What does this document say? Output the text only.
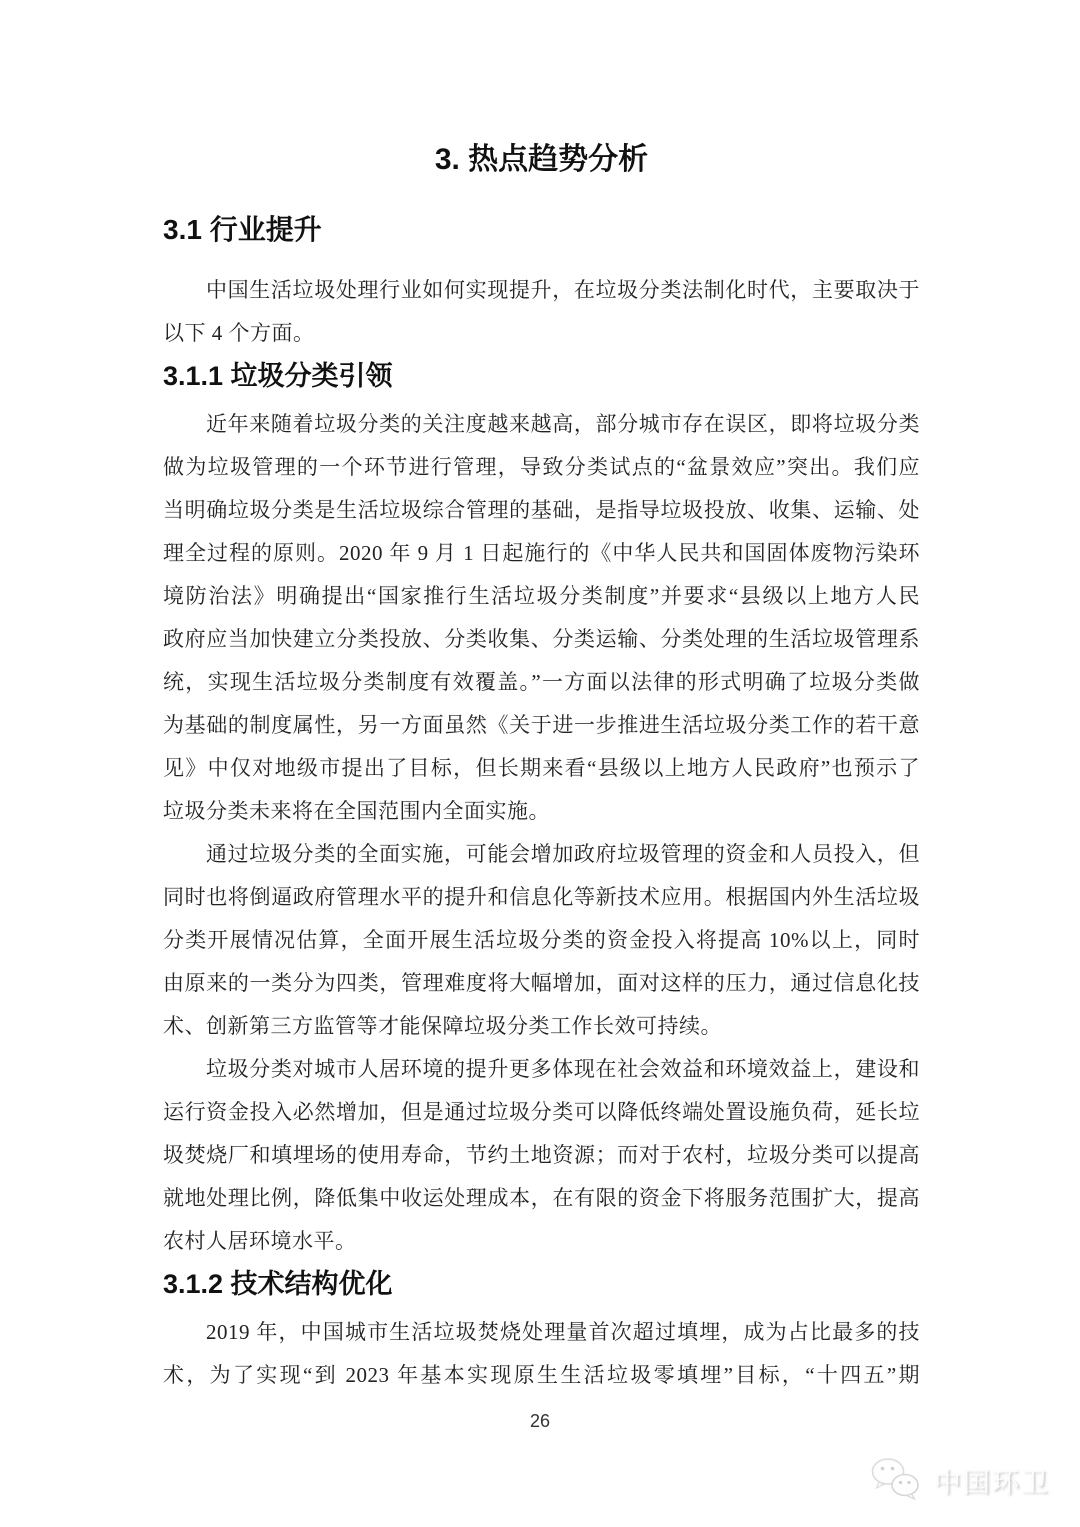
3. 热点趋势分析
3.1 行业提升
中国生活垃圾处理行业如何实现提升，在垃圾分类法制化时代，主要取决于
以下 4 个方面。
3.1.1 垃圾分类引领
近年来随着垃圾分类的关注度越来越高，部分城市存在误区，即将垃圾分类
做为垃圾管理的一个环节进行管理，导致分类试点的“盆景效应”突出。我们应
当明确垃圾分类是生活垃圾综合管理的基础，是指导垃圾投放、收集、运输、处
理全过程的原则。2020 年 9 月 1 日起施行的《中华人民共和国固体废物污染环
境防治法》明确提出“国家推行生活垃圾分类制度”并要求“县级以上地方人民
政府应当加快建立分类投放、分类收集、分类运输、分类处理的生活垃圾管理系
统，实现生活垃圾分类制度有效覆盖。”一方面以法律的形式明确了垃圾分类做
为基础的制度属性，另一方面虽然《关于进一步推进生活垃圾分类工作的若干意
见》中仅对地级市提出了目标，但长期来看“县级以上地方人民政府”也预示了
垃圾分类未来将在全国范围内全面实施。
通过垃圾分类的全面实施，可能会增加政府垃圾管理的资金和人员投入，但
同时也将倒逼政府管理水平的提升和信息化等新技术应用。根据国内外生活垃圾
分类开展情况估算，全面开展生活垃圾分类的资金投入将提高 10%以上，同时
由原来的一类分为四类，管理难度将大幅增加，面对这样的压力，通过信息化技
术、创新第三方监管等才能保障垃圾分类工作长效可持续。
垃圾分类对城市人居环境的提升更多体现在社会效益和环境效益上，建设和
运行资金投入必然增加，但是通过垃圾分类可以降低终端处置设施负荷，延长垃
圾焚烧厂和填埋场的使用寿命，节约土地资源；而对于农村，垃圾分类可以提高
就地处理比例，降低集中收运处理成本，在有限的资金下将服务范围扩大，提高
农村人居环境水平。
3.1.2 技术结构优化
2019 年，中国城市生活垃圾焚烧处理量首次超过填埋，成为占比最多的技
术，为了实现“到 2023 年基本实现原生生活垃圾零填埋”目标，“十四五”期
26
中国环卫
